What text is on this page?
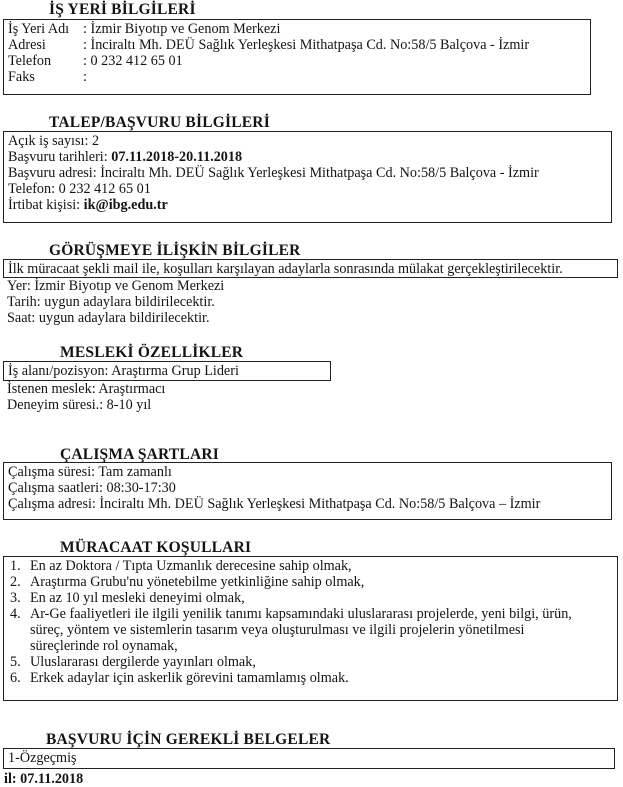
İŞ YERİ BİLGİLERİ
İş Yeri Adı : İzmir Biyotıp ve Genom Merkezi
Adresi	: İnciraltı Mh. DEÜ Sağlık Yerleşkesi Mithatpaşa Cd. No:58/5 Balçova - İzmir
Telefon	: 0 232 412 65 01
Faks	:
TALEP/BAŞVURU BİLGİLERİ
Açık iş sayısı: 2
Başvuru tarihleri: 07.11.2018-20.11.2018
Başvuru adresi: İnciraltı Mh. DEÜ Sağlık Yerleşkesi Mithatpaşa Cd. No:58/5 Balçova - İzmir
Telefon: 0 232 412 65 01
İrtibat kişisi: ik@ibg.edu.tr
GÖRÜŞMEYE İLİŞKİN BİLGİLER
İlk müracaat şekli mail ile, koşulları karşılayan adaylarla sonrasında mülakat gerçekleştirilecektir.
Yer: İzmir Biyotıp ve Genom Merkezi
Tarih: uygun adaylara bildirilecektir.
Saat: uygun adaylara bildirilecektir.
MESLEKİ ÖZELLİKLER
İş alanı/pozisyon: Araştırma Grup Lideri
İstenen meslek: Araştırmacı
Deneyim süresi.: 8-10 yıl
ÇALIŞMA ŞARTLARI
Çalışma süresi: Tam zamanlı
Çalışma saatleri: 08:30-17:30
Çalışma adresi: İnciraltı Mh. DEÜ Sağlık Yerleşkesi Mithatpaşa Cd. No:58/5 Balçova – İzmir
MÜRACAAT KOŞULLARI
1. En az Doktora / Tıpta Uzmanlık derecesine sahip olmak,
2. Araştırma Grubu'nu yönetebilme yetkinliğine sahip olmak,
3. En az 10 yıl mesleki deneyimi olmak,
4. Ar-Ge faaliyetleri ile ilgili yenilik tanımı kapsamındaki uluslararası projelerde, yeni bilgi, ürün,
süreç, yöntem ve sistemlerin tasarım veya oluşturulması ve ilgili projelerin yönetilmesi
süreçlerinde rol oynamak,
5. Uluslararası dergilerde yayınları olmak,
6. Erkek adaylar için askerlik görevini tamamlamış olmak.
BAŞVURU İÇİN GEREKLİ BELGELER
1-Özgeçmiş
il: 07.11.2018
